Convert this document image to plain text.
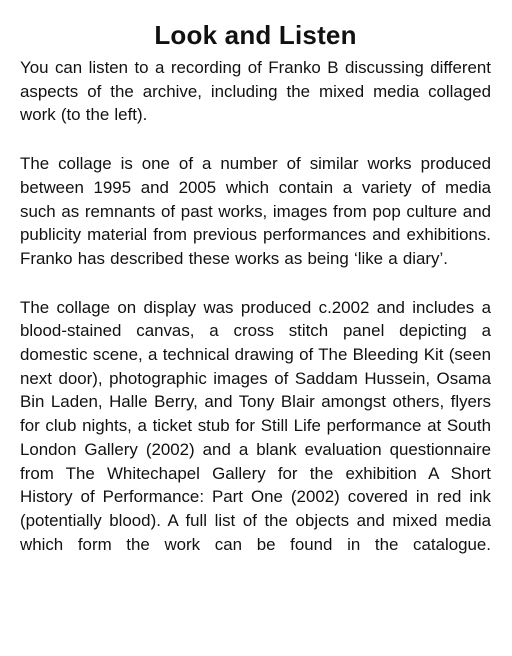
Look and Listen

You can listen to a recording of Franko B discussing different aspects of the archive, including the mixed media collaged work (to the left).

The collage is one of a number of similar works produced between 1995 and 2005 which contain a variety of media such as remnants of past works, images from pop culture and publicity material from previous performances and exhibitions. Franko has described these works as being ‘like a diary’.

The collage on display was produced c.2002 and includes a blood-stained canvas, a cross stitch panel depicting a domestic scene, a technical drawing of The Bleeding Kit (seen next door), photographic images of Saddam Hussein, Osama Bin Laden, Halle Berry, and Tony Blair amongst others, flyers for club nights, a ticket stub for Still Life performance at South London Gallery (2002) and a blank evaluation questionnaire from The Whitechapel Gallery for the exhibition A Short History of Performance: Part One (2002) covered in red ink (potentially blood). A full list of the objects and mixed media which form the work can be found in the catalogue.
